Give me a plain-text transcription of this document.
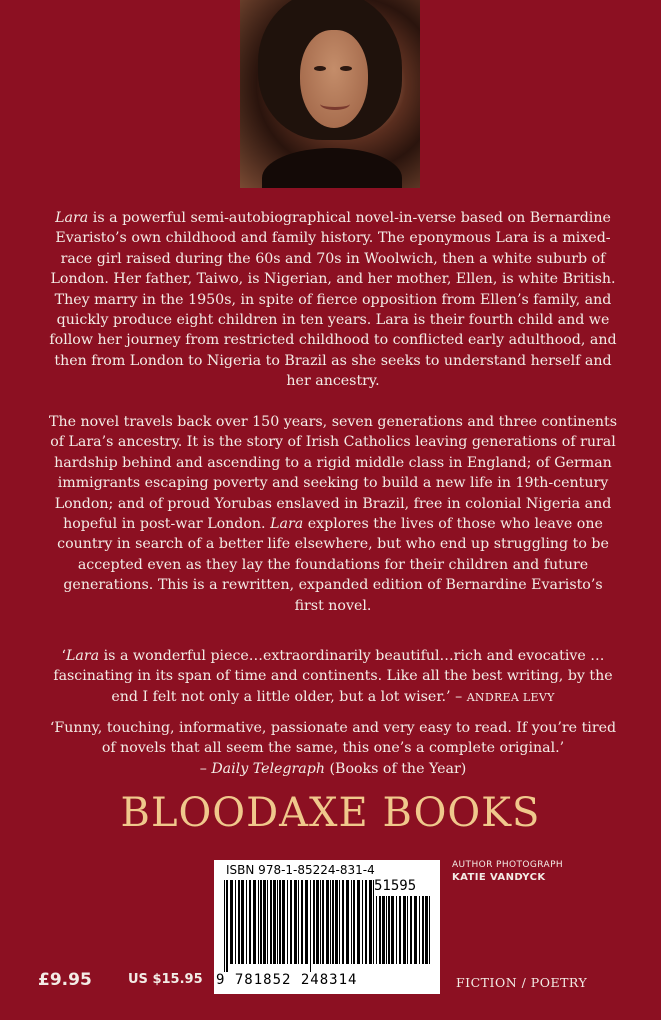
Lara is a powerful semi-autobiographical novel-in-verse based on Bernardine Evaristo’s own childhood and family history. The eponymous Lara is a mixed-race girl raised during the 60s and 70s in Woolwich, then a white suburb of London. Her father, Taiwo, is Nigerian, and her mother, Ellen, is white British. They marry in the 1950s, in spite of fierce opposition from Ellen’s family, and quickly produce eight children in ten years. Lara is their fourth child and we follow her journey from restricted childhood to conflicted early adulthood, and then from London to Nigeria to Brazil as she seeks to understand herself and her ancestry.

The novel travels back over 150 years, seven generations and three continents of Lara’s ancestry. It is the story of Irish Catholics leaving generations of rural hardship behind and ascending to a rigid middle class in England; of German immigrants escaping poverty and seeking to build a new life in 19th-century London; and of proud Yorubas enslaved in Brazil, free in colonial Nigeria and hopeful in post-war London. Lara explores the lives of those who leave one country in search of a better life elsewhere, but who end up struggling to be accepted even as they lay the foundations for their children and future generations. This is a rewritten, expanded edition of Bernardine Evaristo’s first novel.

‘Lara is a wonderful piece…extraordinarily beautiful…rich and evocative …fascinating in its span of time and continents. Like all the best writing, by the end I felt not only a little older, but a lot wiser.’ – ANDREA LEVY

‘Funny, touching, informative, passionate and very easy to read. If you’re tired of novels that all seem the same, this one’s a complete original.’

– Daily Telegraph (Books of the Year)

BLOODAXE BOOKS
ISBN 978-1-85224-831-4
51595
9 781852 248314
AUTHOR PHOTOGRAPH
KATIE VANDYCK
£9.95	US $15.95	FICTION / POETRY
